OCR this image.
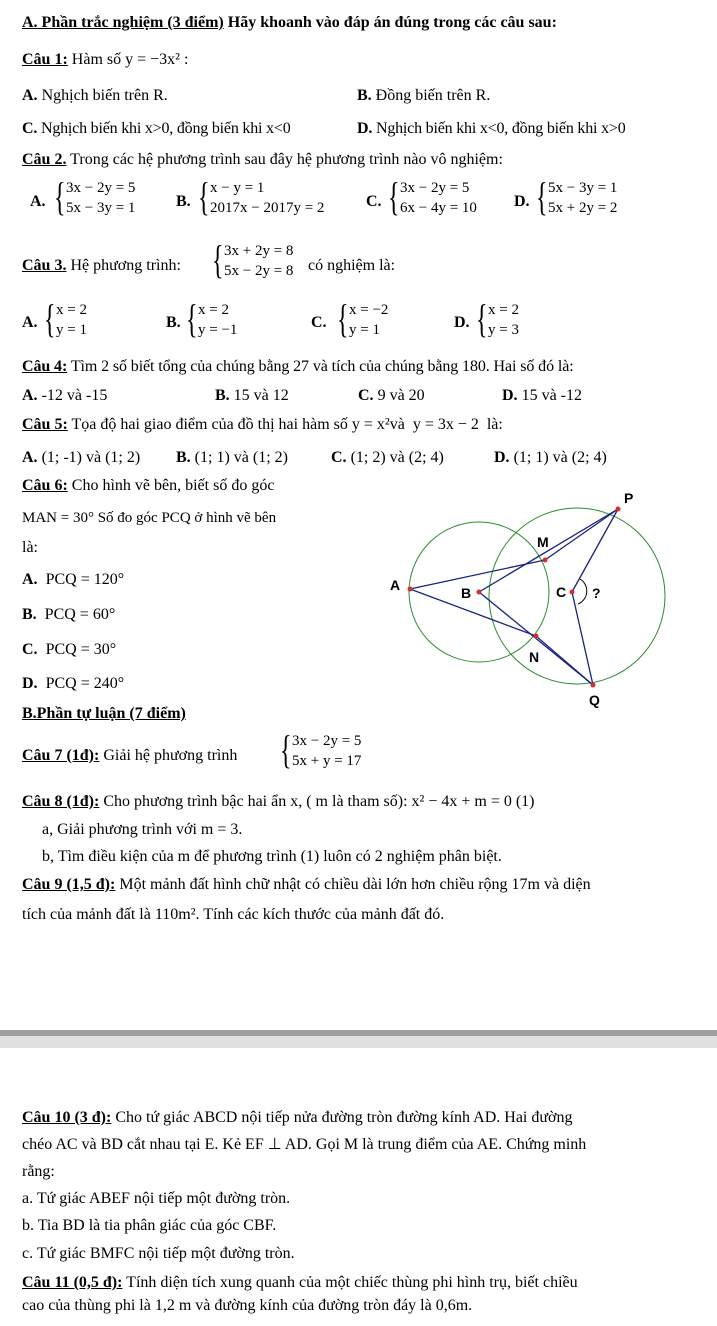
A. Phần trắc nghiệm (3 điểm) Hãy khoanh vào đáp án đúng trong các câu sau:
Câu 1: Hàm số y = −3x² :
A. Nghịch biến trên R.	B. Đồng biến trên R.
C. Nghịch biến khi x>0, đồng biến khi x<0	D. Nghịch biến khi x<0, đồng biến khi x>0
Câu 2. Trong các hệ phương trình sau đây hệ phương trình nào vô nghiệm:
A. { 3x − 2y = 5
5x − 3y = 1	B. { x − y = 1
2017x − 2017y = 2	C. { 3x − 2y = 5
6x − 4y = 10 D. { 5x − 3y = 1
5x + 2y = 2
Câu 3. Hệ phương trình: { 3x + 2y = 8
5x − 2y = 8 có nghiệm là:
A. { x = 2
y = 1	B. { x = 2
y = −1	C. { x = −2
y = 1	D. { x = 2
y = 3
Câu 4: Tìm 2 số biết tổng của chúng bằng 27 và tích của chúng bằng 180. Hai số đó là:
A. -12 và -15	B. 15 và 12	C. 9 và 20	D. 15 và -12
Câu 5: Tọa độ hai giao điểm của đồ thị hai hàm số y = x²và y = 3x − 2 là:
A. (1; -1) và (1; 2) B. (1; 1) và (1; 2)	C. (1; 2) và (2; 4)	D. (1; 1) và (2; 4)
Câu 6: Cho hình vẽ bên, biết số đo góc
MAN = 30° Số đo góc PCQ ở hình vẽ bên
là:
A. PCQ = 120°
B. PCQ = 60°
C. PCQ = 30°
D. PCQ = 240°
P
M
A	B	C ?
N
Q
B.Phần tự luận (7 điểm)
Câu 7 (1đ): Giải hệ phương trình { 3x − 2y = 5
5x + y = 17
Câu 8 (1đ): Cho phương trình bậc hai ẩn x, ( m là tham số): x² − 4x + m = 0 (1)
a, Giải phương trình với m = 3.
b, Tìm điều kiện của m để phương trình (1) luôn có 2 nghiệm phân biệt.
Câu 9 (1,5 đ): Một mảnh đất hình chữ nhật có chiều dài lớn hơn chiều rộng 17m và diện
tích của mảnh đất là 110m². Tính các kích thước của mảnh đất đó.
Câu 10 (3 đ): Cho tứ giác ABCD nội tiếp nửa đường tròn đường kính AD. Hai đường
chéo AC và BD cắt nhau tại E. Kẻ EF ⊥ AD. Gọi M là trung điểm của AE. Chứng minh
rằng:
a. Tứ giác ABEF nội tiếp một đường tròn.
b. Tia BD là tia phân giác của góc CBF.
c. Tứ giác BMFC nội tiếp một đường tròn.
Câu 11 (0,5 đ): Tính diện tích xung quanh của một chiếc thùng phi hình trụ, biết chiều
cao của thùng phi là 1,2 m và đường kính của đường tròn đáy là 0,6m.
